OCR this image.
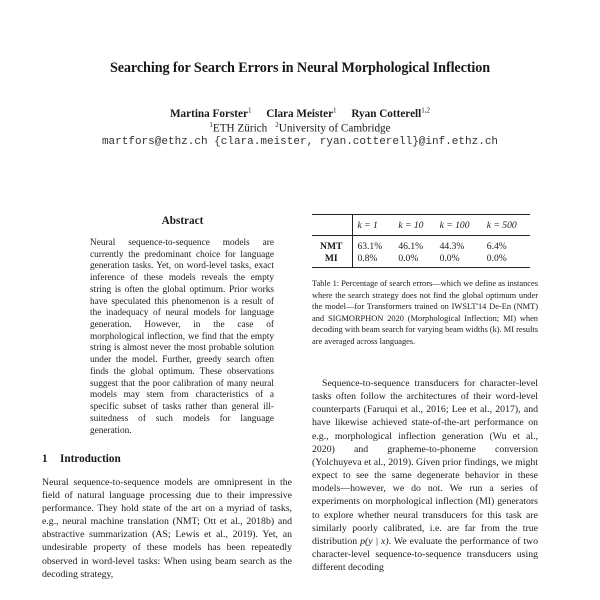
Searching for Search Errors in Neural Morphological Inflection
Martina Forster$^1$ Clara Meister$^1$ Ryan Cotterell$^{1,2}$
$^1$ETH Zürich $^2$University of Cambridge
martfors@ethz.ch {clara.meister, ryan.cotterell}@inf.ethz.ch
Abstract
Neural sequence-to-sequence models are currently the predominant choice for language generation tasks. Yet, on word-level tasks, exact inference of these models reveals the empty string is often the global optimum. Prior works have speculated this phenomenon is a result of the inadequacy of neural models for language generation. However, in the case of morphological inflection, we find that the empty string is almost never the most probable solution under the model. Further, greedy search often finds the global optimum. These observations suggest that the poor calibration of many neural models may stem from characteristics of a specific subset of tasks rather than general ill-suitedness of such models for language generation.
1 Introduction
Neural sequence-to-sequence models are omnipresent in the field of natural language processing due to their impressive performance. They hold state of the art on a myriad of tasks, e.g., neural machine translation (NMT; Ott et al., 2018b) and abstractive summarization (AS; Lewis et al., 2019). Yet, an undesirable property of these models has been repeatedly observed in word-level tasks: When using beam search as the decoding strategy,
	k = 1	k = 10	k = 100	k = 500
NMT	63.1%	46.1%	44.3%	6.4%
MI	0.8%	0.0%	0.0%	0.0%
Table 1: Percentage of search errors—which we define as instances where the search strategy does not find the global optimum under the model—for Transformers trained on IWSLT'14 De-En (NMT) and SIGMORPHON 2020 (Morphological Inflection; MI) when decoding with beam search for varying beam widths (k). MI results are averaged across languages.
Sequence-to-sequence transducers for character-level tasks often follow the architectures of their word-level counterparts (Faruqui et al., 2016; Lee et al., 2017), and have likewise achieved state-of-the-art performance on e.g., morphological inflection generation (Wu et al., 2020) and grapheme-to-phoneme conversion (Yolchuyeva et al., 2019). Given prior findings, we might expect to see the same degenerate behavior in these models—however, we do not. We run a series of experiments on morphological inflection (MI) generators to explore whether neural transducers for this task are similarly poorly calibrated, i.e. are far from the true distribution p(y | x). We evaluate the performance of two character-level sequence-to-sequence transducers using different decoding
